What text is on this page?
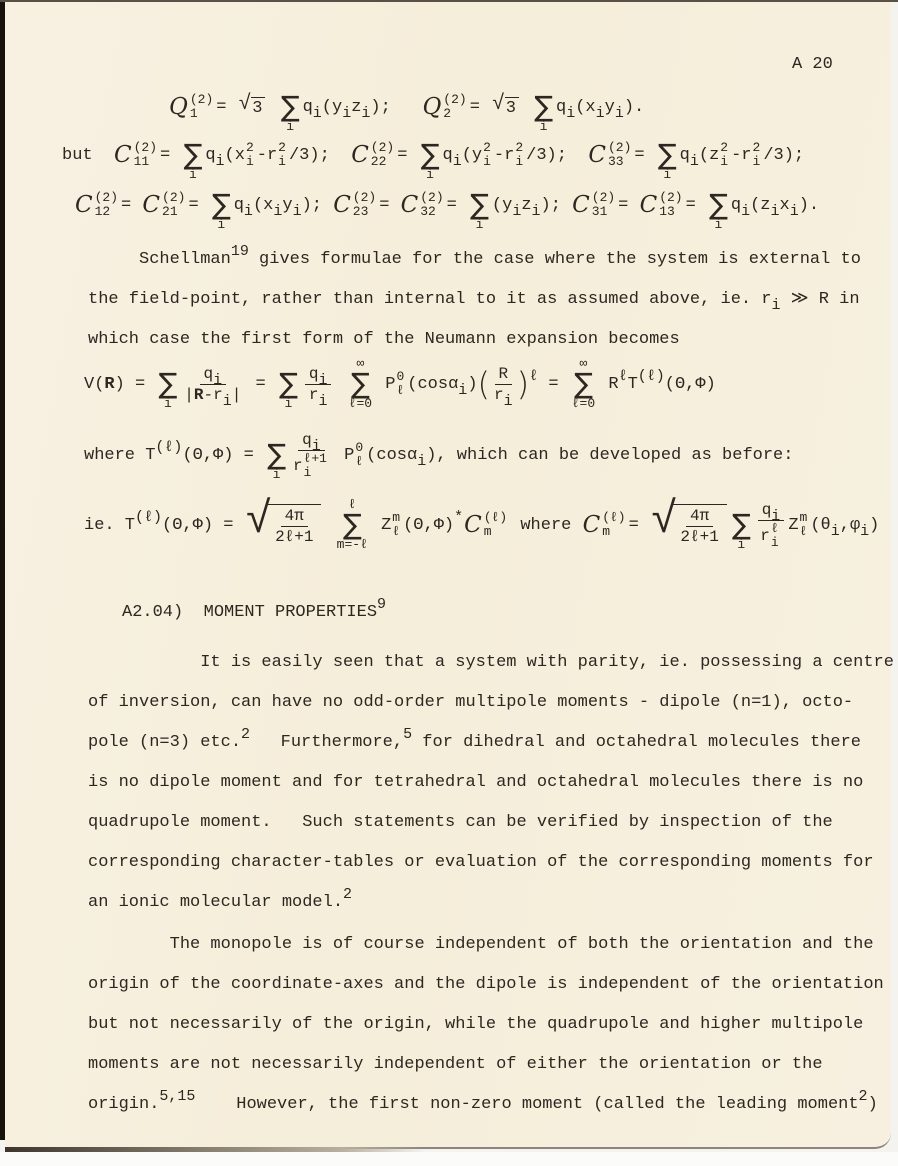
A 20
Q (2)
1 = √ 3
∑
i
q i (y i z i ); Q (2)
2 = √ 3
∑
i
q i (x i y i ).
but C (2)
11 = ∑
i
q i (x 2
i -r 2
i /3); C (2)
22 = ∑
i
q i (y 2
i -r 2
i /3); C (2)
33 = ∑
i
q i (z 2
i -r 2
i /3);
C (2)
12 = C (2)
21 = ∑
i
q i (x i y i ); C (2)
23 = C (2)
32 = ∑
i
(y i z i ); C (2)
31 = C (2)
13 = ∑
i
q i (z i x i ).
Schellman19 gives formulae for the case where the system is external to
the field-point, rather than internal to it as assumed above, ie. ri ≫ R in
which case the first form of the Neumann expansion becomes
V( R ) = ∑
i $\frac{qi}{|R-ri|}$ = ∑
i $\frac{qi}{ri}$

∞
∑
ℓ=0
P 0
ℓ (cosα i ) ( $\frac{R}{ri}$ ) ℓ =
∞
∑
ℓ=0
R ℓ T (ℓ) (Θ,Φ)
where T (ℓ) (Θ,Φ) = ∑
i qi
r ℓ+1
i P 0
ℓ (cosα i ), which can be developed as before:
ie. T (ℓ) (Θ,Φ) = √ $\frac{4\pi}{\text{2ℓ+1}}$

ℓ
∑
m=-ℓ
Z m
ℓ (Θ,Φ) * C (ℓ)
m where C (ℓ)
m = √ $\frac{4\pi}{\text{2ℓ+1}}$ ∑
i qi
r ℓ
i Z m
ℓ (θ i ,φ i )
A2.04)  MOMENT PROPERTIES9
It is easily seen that a system with parity, ie. possessing a centre
of inversion, can have no odd-order multipole moments - dipole (n=1), octo-
pole (n=3) etc.2   Furthermore,5 for dihedral and octahedral molecules there
is no dipole moment and for tetrahedral and octahedral molecules there is no
quadrupole moment.   Such statements can be verified by inspection of the
corresponding character-tables or evaluation of the corresponding moments for
an ionic molecular model.2
The monopole is of course independent of both the orientation and the
origin of the coordinate-axes and the dipole is independent of the orientation
but not necessarily of the origin, while the quadrupole and higher multipole
moments are not necessarily independent of either the orientation or the
origin.5,15    However, the first non-zero moment (called the leading moment2)
